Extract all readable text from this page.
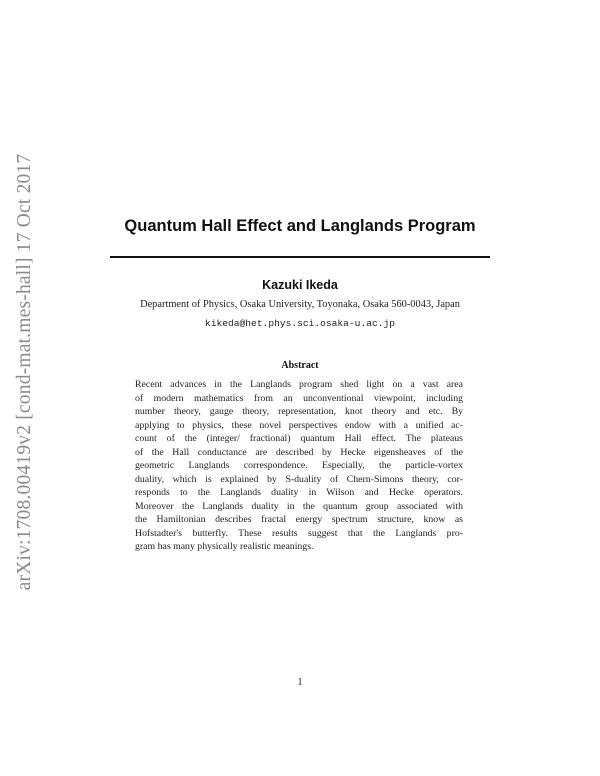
arXiv:1708.00419v2 [cond-mat.mes-hall] 17 Oct 2017	Quantum Hall Effect and Langlands Program
Kazuki Ikeda
Department of Physics, Osaka University, Toyonaka, Osaka 560-0043, Japan
kikeda@het.phys.sci.osaka-u.ac.jp
Abstract
Recent advances in the Langlands program shed light on a vast area
of modern mathematics from an unconventional viewpoint, including
number theory, gauge theory, representation, knot theory and etc. By
applying to physics, these novel perspectives endow with a unified ac-
count of the (integer/ fractional) quantum Hall effect. The plateaus
of the Hall conductance are described by Hecke eigensheaves of the
geometric Langlands correspondence. Especially, the particle-vortex
duality, which is explained by S-duality of Chern-Simons theory, cor-
responds to the Langlands duality in Wilson and Hecke operators.
Moreover the Langlands duality in the quantum group associated with
the Hamiltonian describes fractal energy spectrum structure, know as
Hofstadter's butterfly. These results suggest that the Langlands pro-
gram has many physically realistic meanings.
1
